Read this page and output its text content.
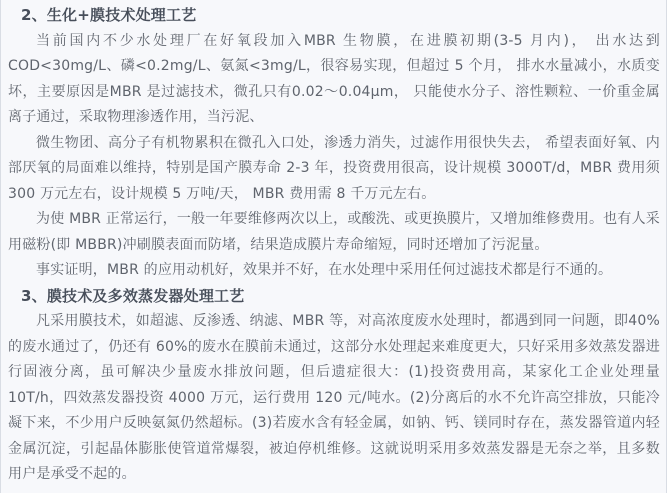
2、生化+膜技术处理工艺

当前国内不少水处理厂在好氧段加入MBR 生物膜，在进膜初期(3-5 月内)， 出水达到COD<30mg/L、磷<0.2mg/L、氨氮<3mg/L，很容易实现，但超过 5 个月， 排水水量减小，水质变坏，主要原因是MBR 是过滤技术，微孔只有0.02～0.04μm， 只能使水分子、溶性颗粒、一价重金属离子通过，采取物理渗透作用，当污泥、

微生物团、高分子有机物累积在微孔入口处，渗透力消失，过滤作用很快失去， 希望表面好氧、内部厌氧的局面难以维持，特别是国产膜寿命 2-3 年，投资费用很高，设计规模 3000T/d，MBR 费用须 300 万元左右，设计规模 5 万吨/天， MBR 费用需 8 千万元左右。

为使 MBR 正常运行，一般一年要维修两次以上，或酸洗、或更换膜片，又增加维修费用。也有人采用磁粉(即 MBBR)冲刷膜表面而防堵，结果造成膜片寿命缩短，同时还增加了污泥量。

事实证明，MBR 的应用动机好，效果并不好，在水处理中采用任何过滤技术都是行不通的。

3、膜技术及多效蒸发器处理工艺

凡采用膜技术，如超滤、反渗透、纳滤、MBR 等，对高浓度废水处理时，都遇到同一问题，即40%的废水通过了，仍还有 60%的废水在膜前未通过，这部分水处理起来难度更大，只好采用多效蒸发器进行固液分离，虽可解决少量废水排放问题，但后遗症很大：(1)投资费用高，某家化工企业处理量 10T/h，四效蒸发器投资 4000 万元，运行费用 120 元/吨水。(2)分离后的水不允许高空排放，只能冷凝下来，不少用户反映氨氮仍然超标。(3)若废水含有轻金属，如钠、钙、镁同时存在，蒸发器管道内轻金属沉淀，引起晶体膨胀使管道常爆裂，被迫停机维修。这就说明采用多效蒸发器是无奈之举，且多数用户是承受不起的。
